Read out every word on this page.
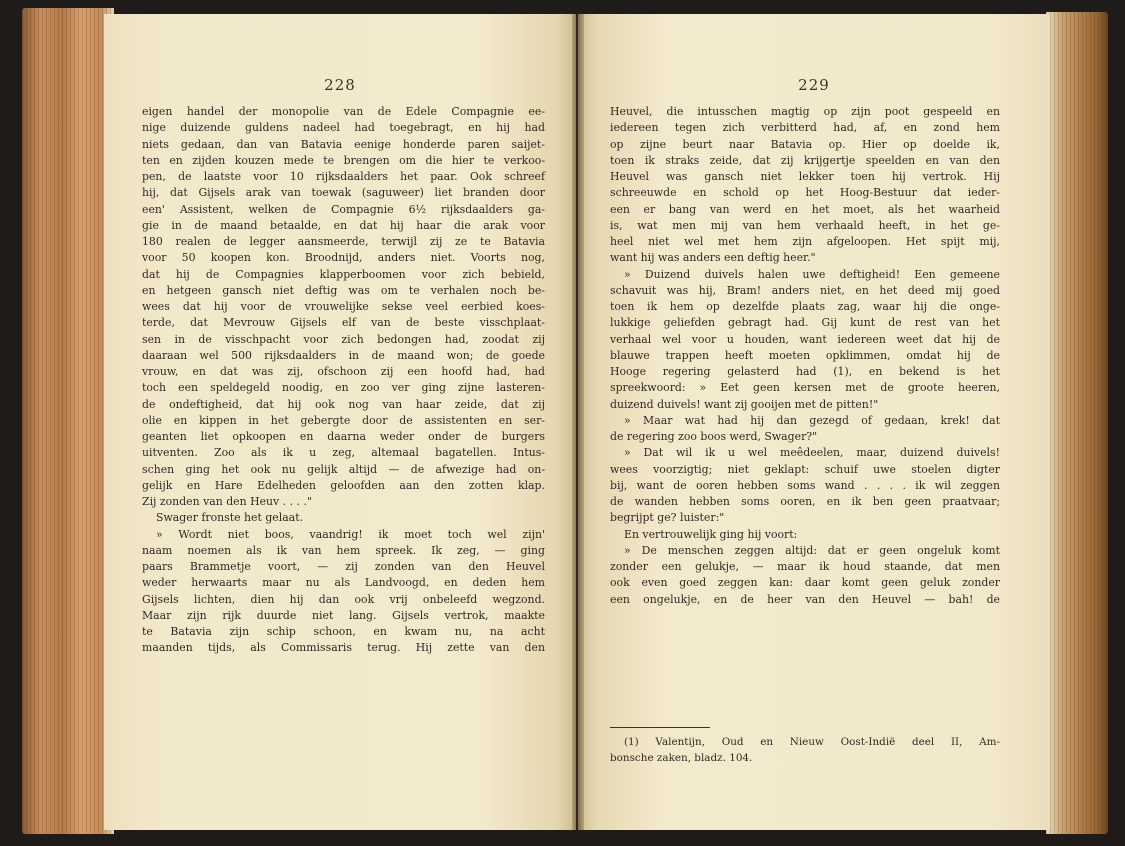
228
eigen handel der monopolie van de Edele Compagnie ee-
nige duizende guldens nadeel had toegebragt, en hij had
niets gedaan, dan van Batavia eenige honderde paren saijet-
ten en zijden kouzen mede te brengen om die hier te verkoo-
pen, de laatste voor 10 rijksdaalders het paar. Ook schreef
hij, dat Gijsels arak van toewak (saguweer) liet branden door
een' Assistent, welken de Compagnie 6½ rijksdaalders ga-
gie in de maand betaalde, en dat hij haar die arak voor
180 realen de legger aansmeerde, terwijl zij ze te Batavia
voor 50 koopen kon. Broodnijd, anders niet. Voorts nog,
dat hij de Compagnies klapperboomen voor zich bebield,
en hetgeen gansch niet deftig was om te verhalen noch be-
wees dat hij voor de vrouwelijke sekse veel eerbied koes-
terde, dat Mevrouw Gijsels elf van de beste visschplaat-
sen in de visschpacht voor zich bedongen had, zoodat zij
daaraan wel 500 rijksdaalders in de maand won; de goede
vrouw, en dat was zij, ofschoon zij een hoofd had, had
toch een speldegeld noodig, en zoo ver ging zijne lasteren-
de ondeftigheid, dat hij ook nog van haar zeide, dat zij
olie en kippen in het gebergte door de assistenten en ser-
geanten liet opkoopen en daarna weder onder de burgers
uitventen. Zoo als ik u zeg, altemaal bagatellen. Intus-
schen ging het ook nu gelijk altijd — de afwezige had on-
gelijk en Hare Edelheden geloofden aan den zotten klap.
Zij zonden van den Heuv . . . ."
Swager fronste het gelaat.
» Wordt niet boos, vaandrig! ik moet toch wel zijn'
naam noemen als ik van hem spreek. Ik zeg, — ging
paars Brammetje voort, — zij zonden van den Heuvel
weder herwaarts maar nu als Landvoogd, en deden hem
Gijsels lichten, dien hij dan ook vrij onbeleefd wegzond.
Maar zijn rijk duurde niet lang. Gijsels vertrok, maakte
te Batavia zijn schip schoon, en kwam nu, na acht
maanden tijds, als Commissaris terug. Hij zette van den
229
Heuvel, die intusschen magtig op zijn poot gespeeld en
iedereen tegen zich verbitterd had, af, en zond hem
op zijne beurt naar Batavia op. Hier op doelde ik,
toen ik straks zeide, dat zij krijgertje speelden en van den
Heuvel was gansch niet lekker toen hij vertrok. Hij
schreeuwde en schold op het Hoog-Bestuur dat ieder-
een er bang van werd en het moet, als het waarheid
is, wat men mij van hem verhaald heeft, in het ge-
heel niet wel met hem zijn afgeloopen. Het spijt mij,
want hij was anders een deftig heer."
» Duizend duivels halen uwe deftigheid! Een gemeene
schavuit was hij, Bram! anders niet, en het deed mij goed
toen ik hem op dezelfde plaats zag, waar hij die onge-
lukkige geliefden gebragt had. Gij kunt de rest van het
verhaal wel voor u houden, want iedereen weet dat hij de
blauwe trappen heeft moeten opklimmen, omdat hij de
Hooge regering gelasterd had (1), en bekend is het
spreekwoord: » Eet geen kersen met de groote heeren,
duizend duivels! want zij gooijen met de pitten!"
» Maar wat had hij dan gezegd of gedaan, krek! dat
de regering zoo boos werd, Swager?"
» Dat wil ik u wel meêdeelen, maar, duizend duivels!
wees voorzigtig; niet geklapt: schuif uwe stoelen digter
bij, want de ooren hebben soms wand . . . . ik wil zeggen
de wanden hebben soms ooren, en ik ben geen praatvaar;
begrijpt ge? luister:"
En vertrouwelijk ging hij voort:
» De menschen zeggen altijd: dat er geen ongeluk komt
zonder een gelukje, — maar ik houd staande, dat men
ook even goed zeggen kan: daar komt geen geluk zonder
een ongelukje, en de heer van den Heuvel — bah! de
(1) Valentijn, Oud en Nieuw Oost-Indië deel II, Am-
bonsche zaken, bladz. 104.
